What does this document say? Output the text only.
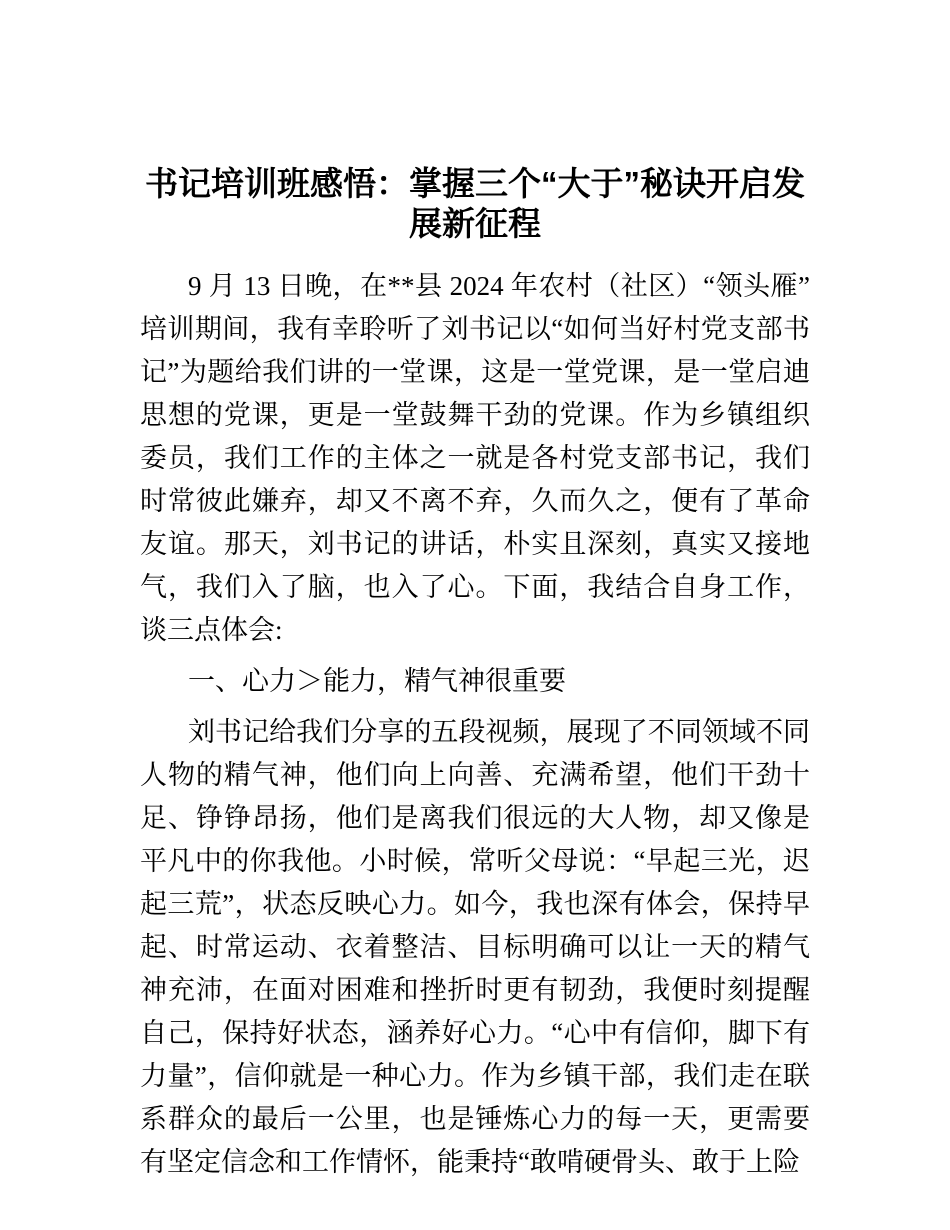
书记培训班感悟：掌握三个“大于”秘诀开启发展新征程

9 月 13 日晚，在**县 2024 年农村（社区）“领头雁”培训期间，我有幸聆听了刘书记以“如何当好村党支部书记”为题给我们讲的一堂课，这是一堂党课，是一堂启迪思想的党课，更是一堂鼓舞干劲的党课。作为乡镇组织委员，我们工作的主体之一就是各村党支部书记，我们时常彼此嫌弃，却又不离不弃，久而久之，便有了革命友谊。那天，刘书记的讲话，朴实且深刻，真实又接地气，我们入了脑，也入了心。下面，我结合自身工作，谈三点体会:

一、心力＞能力，精气神很重要

刘书记给我们分享的五段视频，展现了不同领域不同人物的精气神，他们向上向善、充满希望，他们干劲十足、铮铮昂扬，他们是离我们很远的大人物，却又像是平凡中的你我他。小时候，常听父母说：“早起三光，迟起三荒”，状态反映心力。如今，我也深有体会，保持早起、时常运动、衣着整洁、目标明确可以让一天的精气神充沛，在面对困难和挫折时更有韧劲，我便时刻提醒自己，保持好状态，涵养好心力。“心中有信仰，脚下有力量”，信仰就是一种心力。作为乡镇干部，我们走在联系群众的最后一公里，也是锤炼心力的每一天，更需要有坚定信念和工作情怀，能秉持“敢啃硬骨头、敢于上险
